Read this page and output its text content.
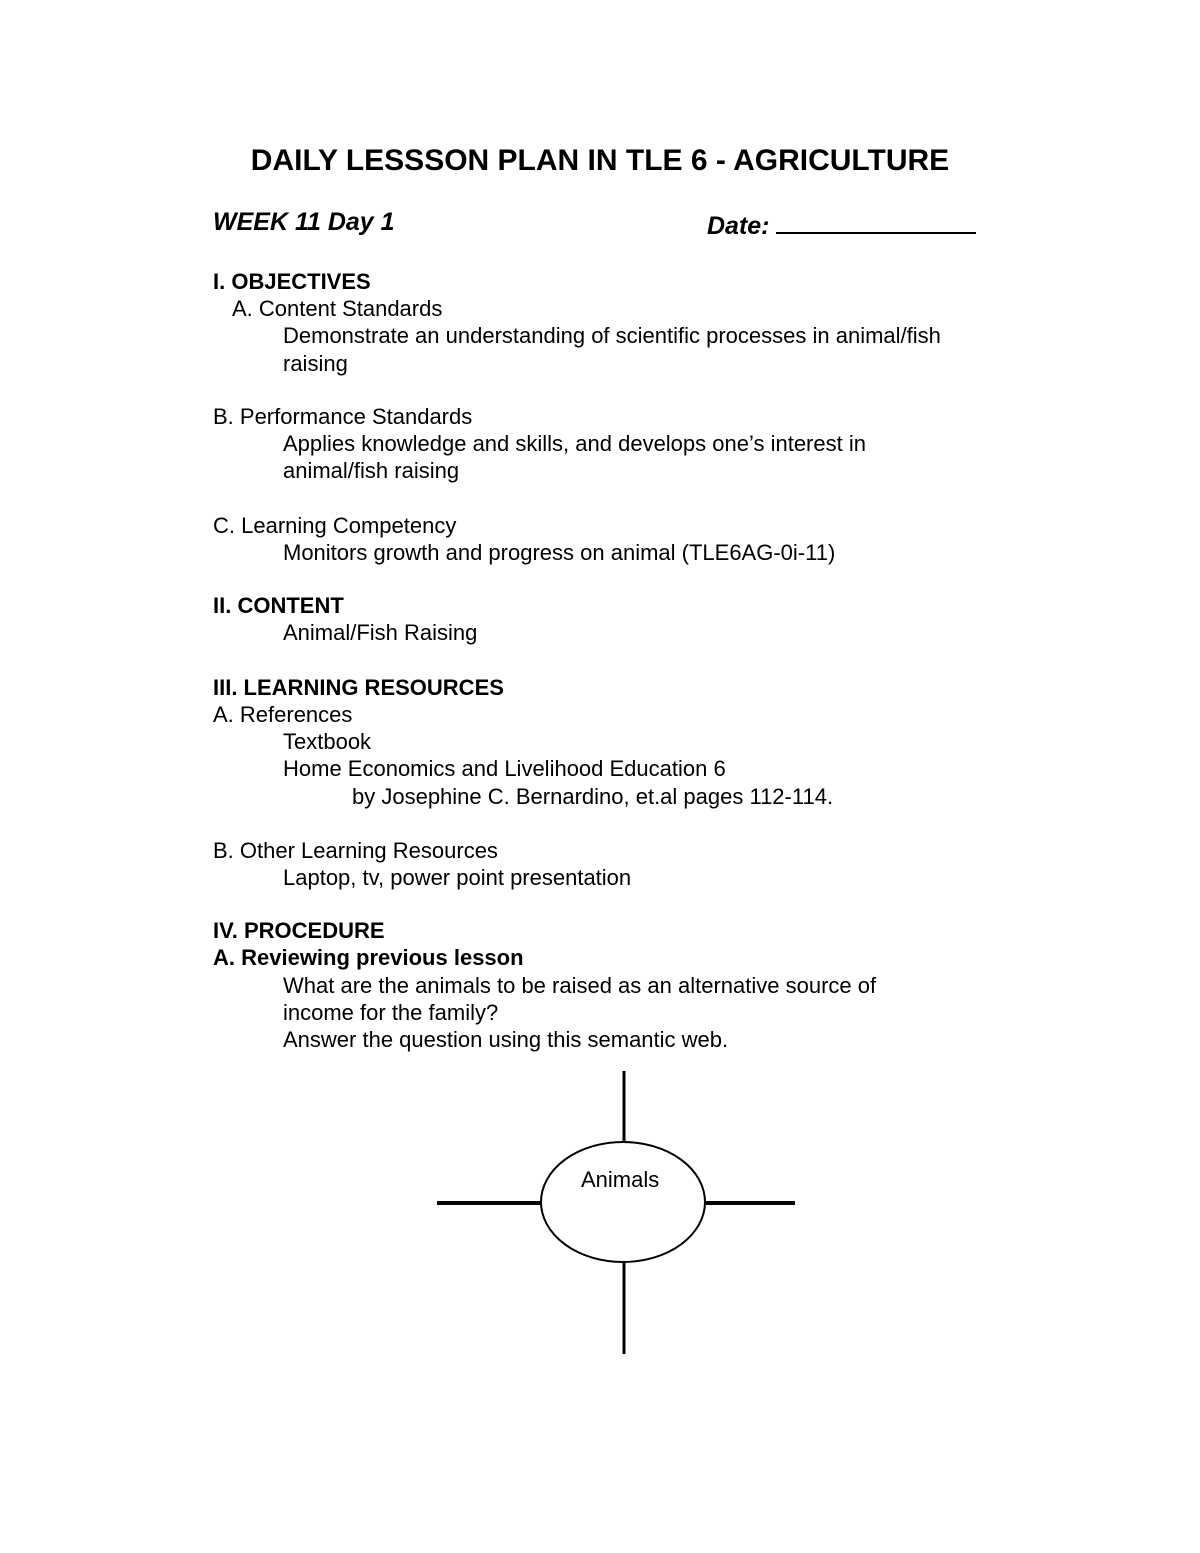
DAILY LESSSON PLAN IN TLE 6 - AGRICULTURE
WEEK 11 Day 1	Date:
I. OBJECTIVES
A. Content Standards
Demonstrate an understanding of scientific processes in animal/fish
raising
B. Performance Standards
Applies knowledge and skills, and develops one’s interest in
animal/fish raising
C. Learning Competency
Monitors growth and progress on animal (TLE6AG-0i-11)
II. CONTENT
Animal/Fish Raising
III. LEARNING RESOURCES
A. References
Textbook
Home Economics and Livelihood Education 6
by Josephine C. Bernardino, et.al pages 112-114.
B. Other Learning Resources
Laptop, tv, power point presentation
IV. PROCEDURE
A. Reviewing previous lesson
What are the animals to be raised as an alternative source of
income for the family?
Answer the question using this semantic web.
Animals
